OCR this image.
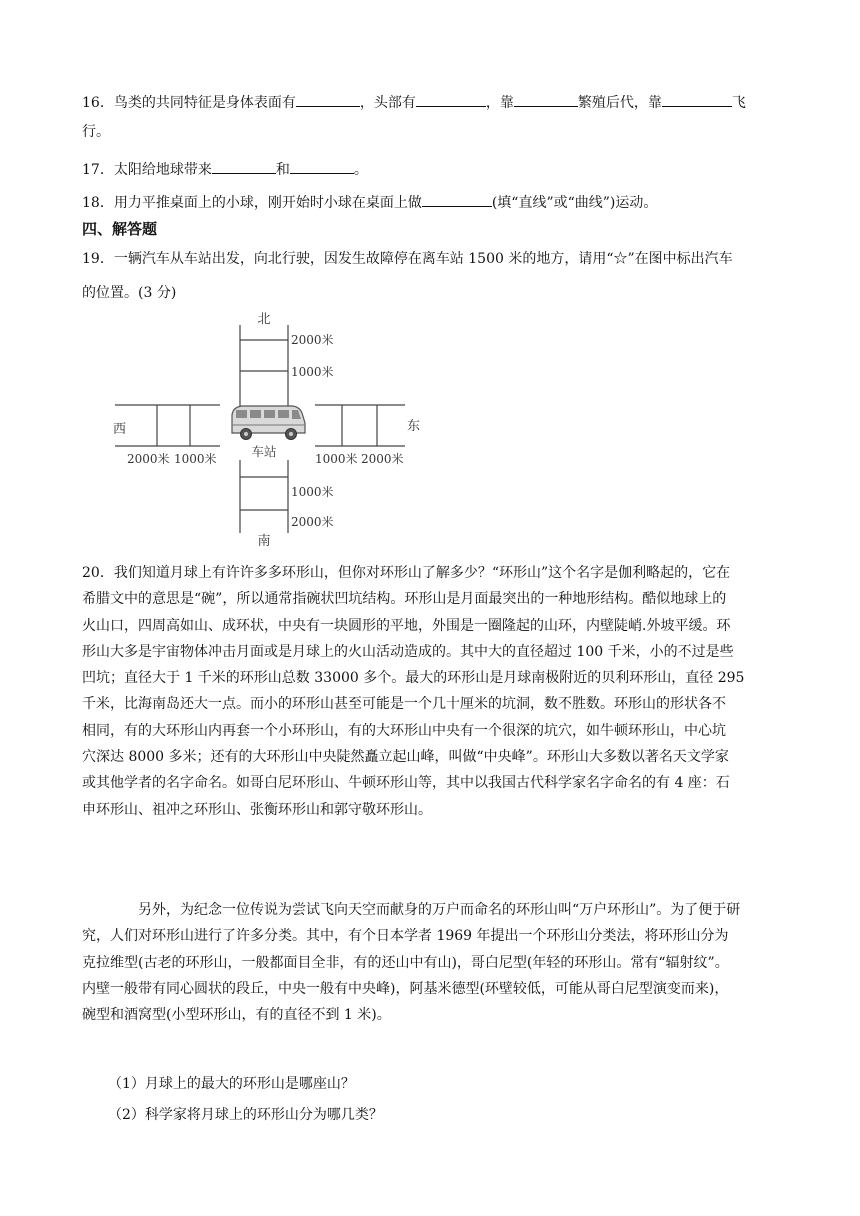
16．鸟类的共同特征是身体表面有	，头部有	，靠	繁殖后代，靠	飞
行。
17．太阳给地球带来	和	。
18．用力平推桌面上的小球，刚开始时小球在桌面上做	(填“直线”或“曲线”)运动。
四、解答题
19．一辆汽车从车站出发，向北行驶，因发生故障停在离车站 1500 米的地方，请用“☆”在图中标出汽车
的位置。(3 分)
北
2000米
1000米
车站
1000米
2000米
南
西
2000米 1000米
东
1000米 2000米
20．我们知道月球上有许许多多环形山，但你对环形山了解多少？“环形山”这个名字是伽利略起的，它在
希腊文中的意思是“碗”，所以通常指碗状凹坑结构。环形山是月面最突出的一种地形结构。酷似地球上的
火山口，四周高如山、成环状，中央有一块圆形的平地，外围是一圈隆起的山环，内壁陡峭.外坡平缓。环
形山大多是宇宙物体冲击月面或是月球上的火山活动造成的。其中大的直径超过 100 千米，小的不过是些
凹坑；直径大于 1 千米的环形山总数 33000 多个。最大的环形山是月球南极附近的贝利环形山，直径 295
千米，比海南岛还大一点。而小的环形山甚至可能是一个几十厘米的坑洞，数不胜数。环形山的形状各不
相同，有的大环形山内再套一个小环形山，有的大环形山中央有一个很深的坑穴，如牛顿环形山，中心坑
穴深达 8000 多米；还有的大环形山中央陡然矗立起山峰，叫做“中央峰”。环形山大多数以著名天文学家
或其他学者的名字命名。如哥白尼环形山、牛顿环形山等，其中以我国古代科学家名字命名的有 4 座：石
申环形山、祖冲之环形山、张衡环形山和郭守敬环形山。
另外，为纪念一位传说为尝试飞向天空而献身的万户而命名的环形山叫“万户环形山”。为了便于研
究，人们对环形山进行了许多分类。其中，有个日本学者 1969 年提出一个环形山分类法，将环形山分为
克拉维型(古老的环形山，一般都面目全非，有的还山中有山)，哥白尼型(年轻的环形山。常有“辐射纹”。
内壁一般带有同心圆状的段丘，中央一般有中央峰)，阿基米德型(环壁较低，可能从哥白尼型演变而来)，
碗型和酒窝型(小型环形山，有的直径不到 1 米)。
（1）月球上的最大的环形山是哪座山？
（2）科学家将月球上的环形山分为哪几类？
